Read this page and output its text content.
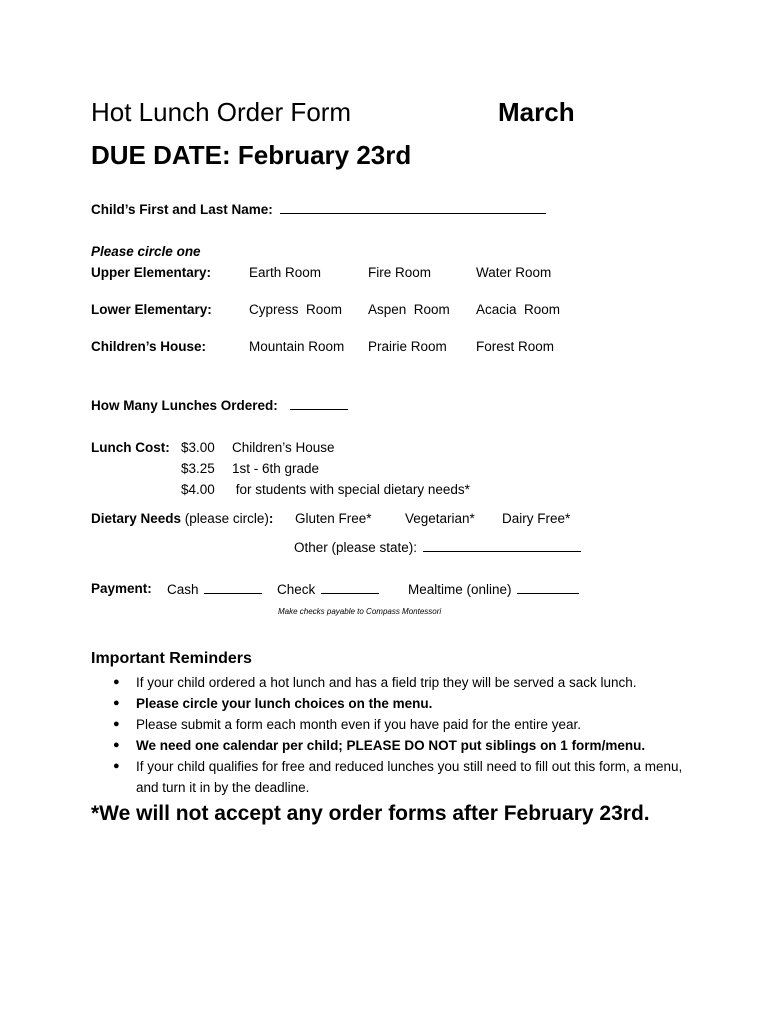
Hot Lunch Order Form	March
DUE DATE: February 23rd
Child’s First and Last Name:
Please circle one
Upper Elementary:	Earth Room	Fire Room	Water Room
Lower Elementary:	Cypress  Room Aspen  Room Acacia  Room
Children’s House:	Mountain Room Prairie Room Forest Room
How Many Lunches Ordered:
Lunch Cost: $3.00 Children’s House
$3.25 1st - 6th grade
$4.00 for students with special dietary needs*
Dietary Needs (please circle): Gluten Free* Vegetarian* Dairy Free*
Other (please state):
Payment: Cash	Check	Mealtime (online)
Make checks payable to Compass Montessori
Important Reminders
● If your child ordered a hot lunch and has a field trip they will be served a sack lunch.
● Please circle your lunch choices on the menu.
● Please submit a form each month even if you have paid for the entire year.
● We need one calendar per child; PLEASE DO NOT put siblings on 1 form/menu.
● If your child qualifies for free and reduced lunches you still need to fill out this form, a menu, and turn it in by the deadline.
*We will not accept any order forms after February 23rd.
